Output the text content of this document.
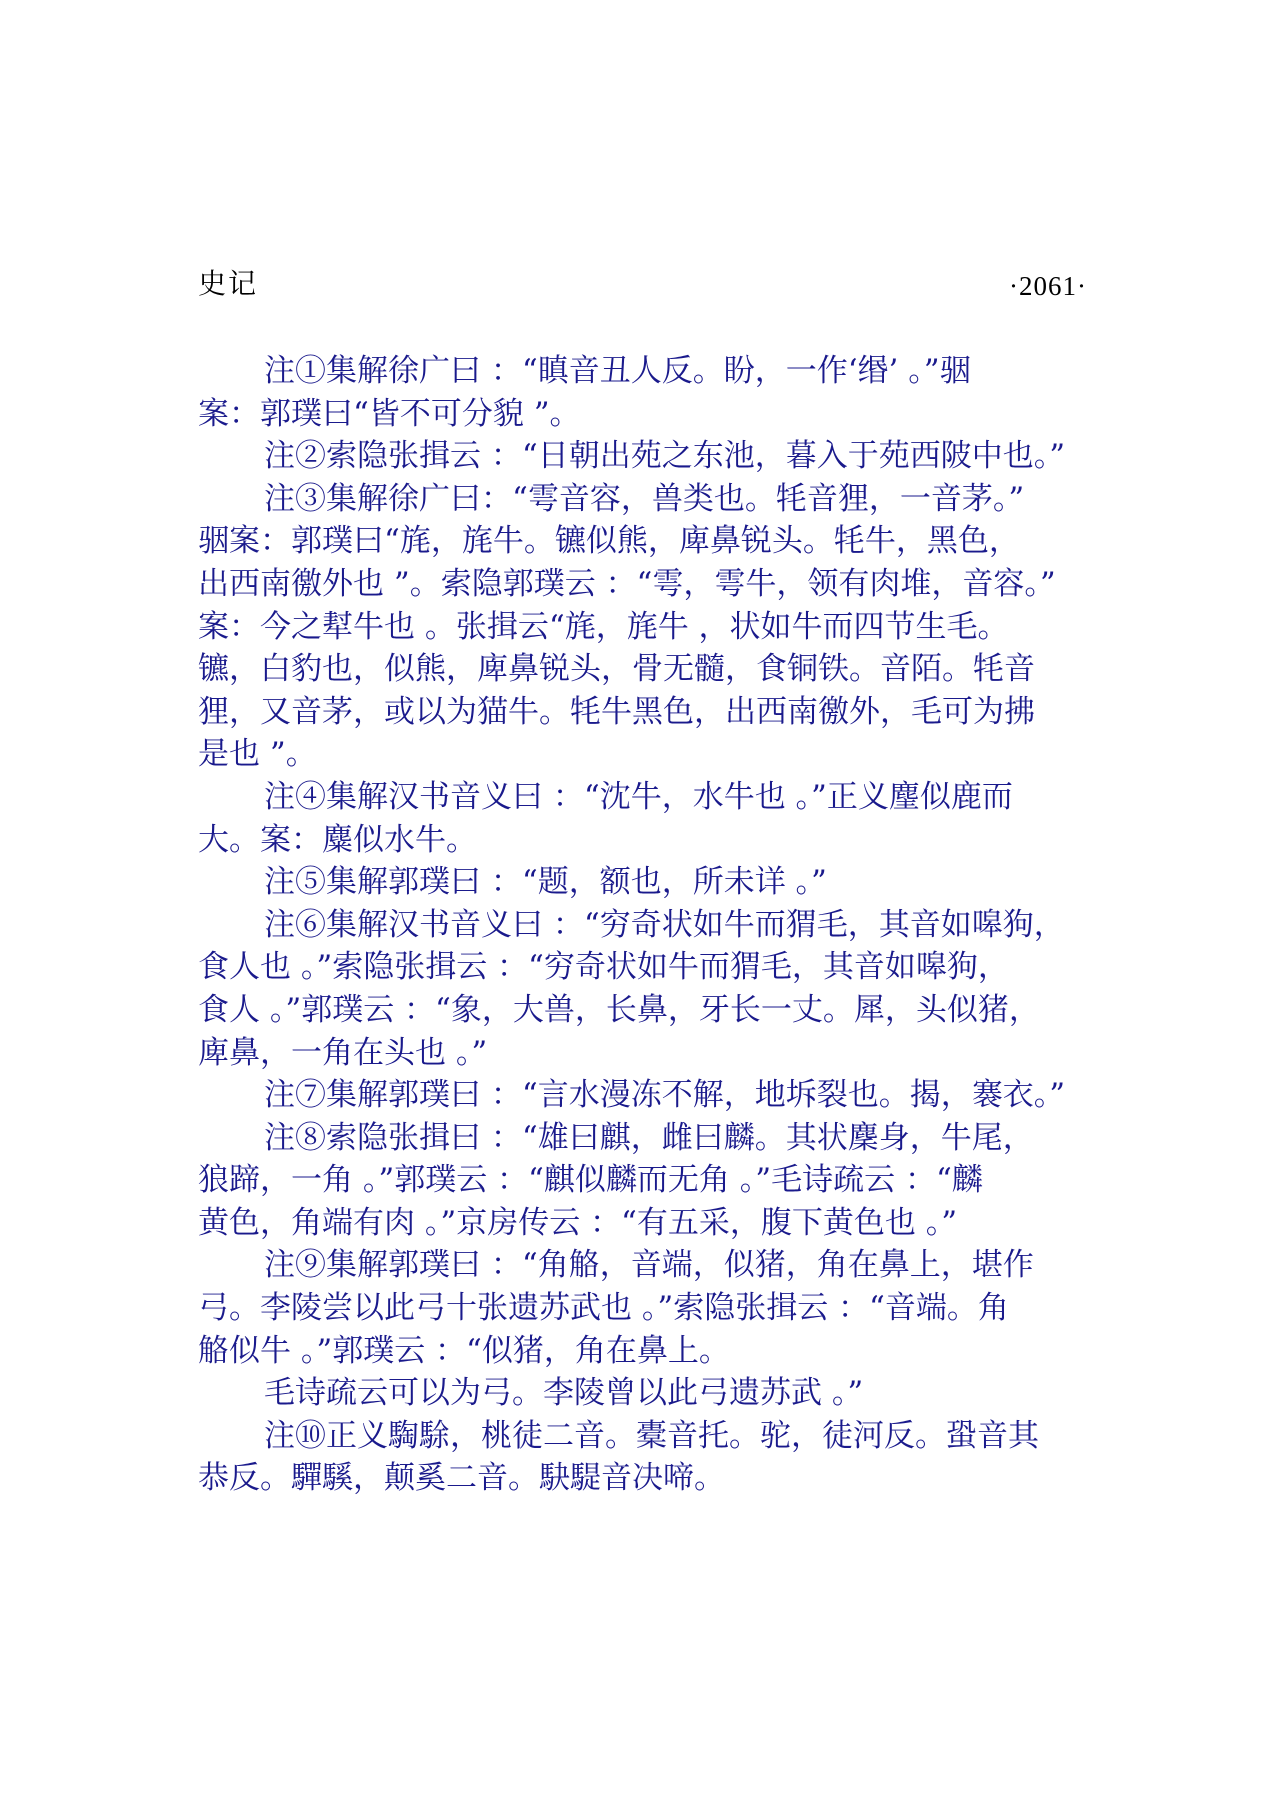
史记	·2061·
注①集解徐广曰 ：“瞋音丑人反。盼，一作‘缗’ 。”骃
案：郭璞曰“皆不可分貌 ”。
注②索隐张揖云 ：“日朝出苑之东池，暮入于苑西陂中也。”
注③集解徐广曰：“雩音容，兽类也。牦音狸，一音茅。”
骃案：郭璞曰“旄，旄牛。镳似熊，庳鼻锐头。牦牛，黑色，
出西南徼外也 ”。索隐郭璞云 ：“雩，雩牛，领有肉堆，音容。”
案：今之犎牛也 。张揖云“旄，旄牛 ，状如牛而四节生毛。
镳，白豹也，似熊，庳鼻锐头，骨无髓，食铜铁。音陌。牦音
狸，又音茅，或以为猫牛。牦牛黑色，出西南徼外，毛可为拂
是也 ”。
注④集解汉书音义曰 ：“沈牛，水牛也 。”正义麈似鹿而
大。案：麋似水牛。
注⑤集解郭璞曰 ：“题，额也，所未详 。”
注⑥集解汉书音义曰 ：“穷奇状如牛而猬毛，其音如嗥狗，
食人也 。”索隐张揖云 ：“穷奇状如牛而猬毛，其音如嗥狗，
食人 。”郭璞云 ：“象，大兽，长鼻，牙长一丈。犀，头似猪，
庳鼻，一角在头也 。”
注⑦集解郭璞曰 ：“言水漫冻不解，地坼裂也。揭，褰衣。”
注⑧索隐张揖曰 ：“雄曰麒，雌曰麟。其状麇身，牛尾，
狼蹄，一角 。”郭璞云 ：“麒似麟而无角 。”毛诗疏云 ：“麟
黄色，角端有肉 。”京房传云 ：“有五采，腹下黄色也 。”
注⑨集解郭璞曰 ：“角觡，音端，似猪，角在鼻上，堪作
弓。李陵尝以此弓十张遗苏武也 。”索隐张揖云 ：“音端。角
觡似牛 。”郭璞云 ：“似猪，角在鼻上。
毛诗疏云可以为弓。李陵曾以此弓遗苏武 。”
注⑩正义騊駼，桃徒二音。橐音托。驼，徒河反。蛩音其
恭反。驒騱，颠奚二音。駃騠音决啼。
